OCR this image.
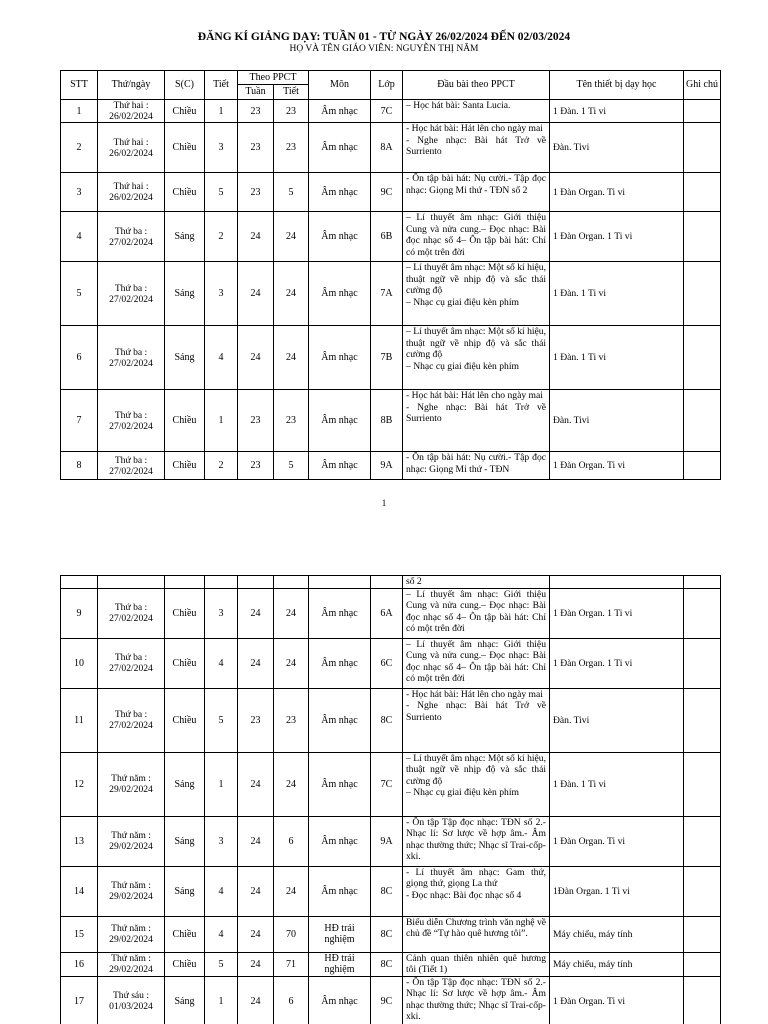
ĐĂNG KÍ GIẢNG DẠY: TUẦN 01 - TỪ NGÀY 26/02/2024 ĐẾN 02/03/2024
HỌ VÀ TÊN GIÁO VIÊN: NGUYỄN THỊ NĂM
STT	Thứ/ngày	S(C)	Tiết	Theo PPCT		Môn	Lớp	Đầu bài theo PPCT	Tên thiết bị dạy học	Ghi chú
				Tuần	Tiết					
1	Thứ hai :
26/02/2024	Chiều	1	23	23	Âm nhạc	7C	– Học hát bài: Santa Lucia.	1 Đàn. 1 Ti vi	
2	Thứ hai :
26/02/2024	Chiều	3	23	23	Âm nhạc	8A	- Học hát bài: Hát lên cho ngày mai
- Nghe nhạc: Bài hát Trở về Surriento	Đàn. Tivi	
3	Thứ hai :
26/02/2024	Chiều	5	23	5	Âm nhạc	9C	- Ôn tập bài hát: Nụ cười.- Tập đọc nhạc: Giọng Mi thứ - TĐN số 2	1 Đàn Organ. Ti vi	
4	Thứ ba :
27/02/2024	Sáng	2	24	24	Âm nhạc	6B	– Lí thuyết âm nhạc: Giới thiệu Cung và nửa cung.– Đọc nhạc: Bài đọc nhạc số 4– Ôn tập bài hát: Chỉ có một trên đời	1 Đàn Organ. 1 Ti vi	
5	Thứ ba :
27/02/2024	Sáng	3	24	24	Âm nhạc	7A	– Lí thuyết âm nhạc: Một số kí hiệu, thuật ngữ về nhịp độ và sắc thái cường độ
– Nhạc cụ giai điệu kèn phím	1 Đàn. 1 Ti vi	
6	Thứ ba :
27/02/2024	Sáng	4	24	24	Âm nhạc	7B	– Lí thuyết âm nhạc: Một số kí hiệu, thuật ngữ về nhịp độ và sắc thái cường độ
– Nhạc cụ giai điệu kèn phím	1 Đàn. 1 Ti vi	
7	Thứ ba :
27/02/2024	Chiều	1	23	23	Âm nhạc	8B	- Học hát bài: Hát lên cho ngày mai
- Nghe nhạc: Bài hát Trở về Surriento	Đàn. Tivi	
8	Thứ ba :
27/02/2024	Chiều	2	23	5	Âm nhạc	9A	- Ôn tập bài hát: Nụ cười.- Tập đọc nhạc: Giọng Mi thứ - TĐN	1 Đàn Organ. Ti vi	
1
								số 2		
9	Thứ ba :
27/02/2024	Chiều	3	24	24	Âm nhạc	6A	– Lí thuyết âm nhạc: Giới thiệu Cung và nửa cung.– Đọc nhạc: Bài đọc nhạc số 4– Ôn tập bài hát: Chỉ có một trên đời	1 Đàn Organ. 1 Ti vi	
10	Thứ ba :
27/02/2024	Chiều	4	24	24	Âm nhạc	6C	– Lí thuyết âm nhạc: Giới thiệu Cung và nửa cung.– Đọc nhạc: Bài đọc nhạc số 4– Ôn tập bài hát: Chỉ có một trên đời	1 Đàn Organ. 1 Ti vi	
11	Thứ ba :
27/02/2024	Chiều	5	23	23	Âm nhạc	8C	- Học hát bài: Hát lên cho ngày mai
- Nghe nhạc: Bài hát Trở về Surriento	Đàn. Tivi	
12	Thứ năm :
29/02/2024	Sáng	1	24	24	Âm nhạc	7C	– Lí thuyết âm nhạc: Một số kí hiệu, thuật ngữ về nhịp độ và sắc thái cường độ
– Nhạc cụ giai điệu kèn phím	1 Đàn. 1 Ti vi	
13	Thứ năm :
29/02/2024	Sáng	3	24	6	Âm nhạc	9A	- Ôn tập Tập đọc nhạc: TĐN số 2.- Nhạc lí: Sơ lược về hợp âm.- Âm nhạc thường thức; Nhạc sĩ Trai-cốp-xki.	1 Đàn Organ. Ti vi	
14	Thứ năm :
29/02/2024	Sáng	4	24	24	Âm nhạc	8C	- Lí thuyết âm nhạc: Gam thứ, giọng thứ, giọng La thứ
- Đọc nhạc: Bài đọc nhạc số 4	1Đàn Organ. 1 Ti vi	
15	Thứ năm :
29/02/2024	Chiều	4	24	70	HĐ trải
nghiệm	8C	Biểu diễn Chương trình văn nghệ về chủ đề “Tự hào quê hương tôi”.	Máy chiếu, máy tính	
16	Thứ năm :
29/02/2024	Chiều	5	24	71	HĐ trải
nghiệm	8C	Cảnh quan thiên nhiên quê hương tôi (Tiết 1)	Máy chiếu, máy tính	
17	Thứ sáu :
01/03/2024	Sáng	1	24	6	Âm nhạc	9C	- Ôn tập Tập đọc nhạc: TĐN số 2.- Nhạc lí: Sơ lược về hợp âm.- Âm nhạc thường thức; Nhạc sĩ Trai-cốp-xki.	1 Đàn Organ. Ti vi	
